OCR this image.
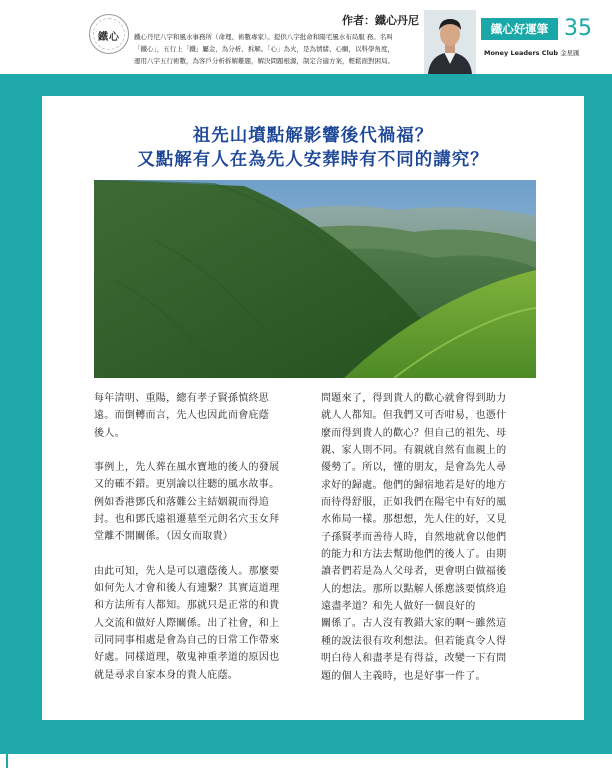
鐵心
作者：鐵心丹尼
鐵心丹尼八字和風水事務所（命理、術數專家）。提供八字批命和陽宅風水布局服 務。名叫
「鐵心」，五行上「鐵」屬金，為分析、拆解。「心」為火，是為情緒、心願，以科學角度，
運用八字五行術數，為客戶分析拆解難題，解決問題根源，制定合適方案，輕鬆面對困局。
鐵心好運筆 35
Money Leaders Club 金星匯
祖先山墳點解影響後代禍福？
又點解有人在為先人安葬時有不同的講究？

每年清明、重陽，總有孝子賢孫慎終思
遠。而倒轉而言，先人也因此而會庇蔭
後人。

事例上，先人葬在風水寶地的後人的發展
又的確不錯。更別論以往聽的風水故事。
例如香港鄧氏和落難公主結姻親而得追
封。也和鄧氏遠祖遷墓至元朗名穴玉女拜
堂離不開關係。（因女而取貴）

由此可知，先人是可以遺蔭後人。那麼要
如何先人才會和後人有連繫？其實這道理
和方法所有人都知。那就只是正常的和貴
人交流和做好人際關係。出了社會，和上
司同同事相處是會為自己的日常工作帶來
好處。同樣道理，敬鬼神重孝道的原因也
就是尋求自家本身的貴人庇蔭。

問題來了，得到貴人的歡心就會得到助力
就人人都知。但我們又可否咁易，也憑什
麼而得到貴人的歡心？但自己的祖先、母
親、家人則不同。有親就自然有血親上的
優勢了。所以，懂的朋友，是會為先人尋
求好的歸處。他們的歸宿地若是好的地方
而待得舒服，正如我們在陽宅中有好的風
水佈局一樣。那想想，先人住的好，又見
子孫賢孝而善待人時，自然地就會以他們
的能力和方法去幫助他們的後人了。由期
讀者們若是為人父母者，更會明白做福後
人的想法。那所以點解人係應該要慎終追
遠盡孝道？和先人做好一個良好的
關係了。古人沒有教錯大家的啊～雖然這
種的說法很有攻利想法。但若能真令人得
明白待人和盡孝是有得益，改變一下有問
題的個人主義時，也是好事一件了。
